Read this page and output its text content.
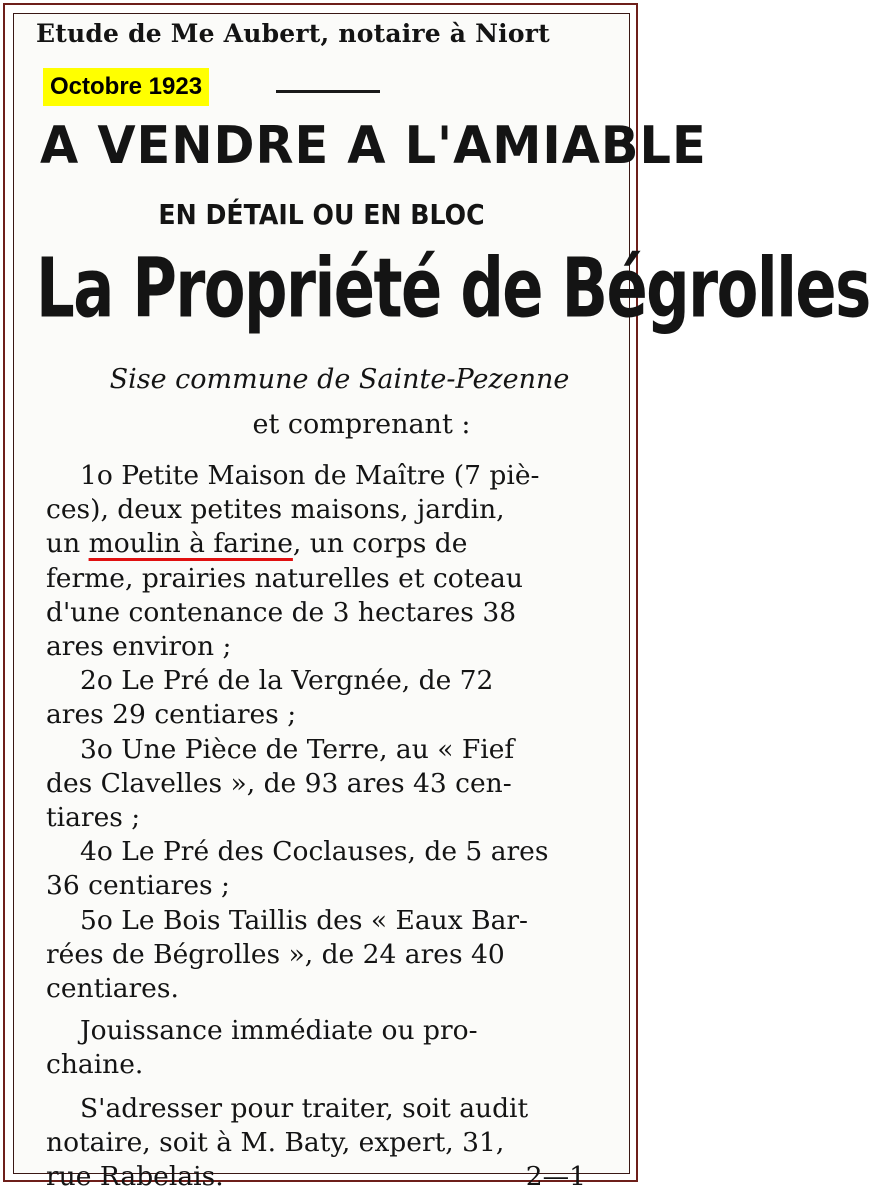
Etude de Me Aubert, notaire à Niort

Octobre 1923

A VENDRE A L'AMIABLE

EN DÉTAIL OU EN BLOC

La Propriété de Bégrolles

Sise commune de Sainte-Pezenne

et comprenant :

1o Petite Maison de Maître (7 piè-
ces), deux petites maisons, jardin,
un moulin à farine, un corps de
ferme, prairies naturelles et coteau
d'une contenance de 3 hectares 38
ares environ ;
2o Le Pré de la Vergnée, de 72
ares 29 centiares ;
3o Une Pièce de Terre, au « Fief
des Clavelles », de 93 ares 43 cen-
tiares ;
4o Le Pré des Coclauses, de 5 ares
36 centiares ;
5o Le Bois Taillis des « Eaux Bar-
rées de Bégrolles », de 24 ares 40
centiares.
Jouissance immédiate ou pro-
chaine.
S'adresser pour traiter, soit audit
notaire, soit à M. Baty, expert, 31,
rue Rabelais.	2—1
